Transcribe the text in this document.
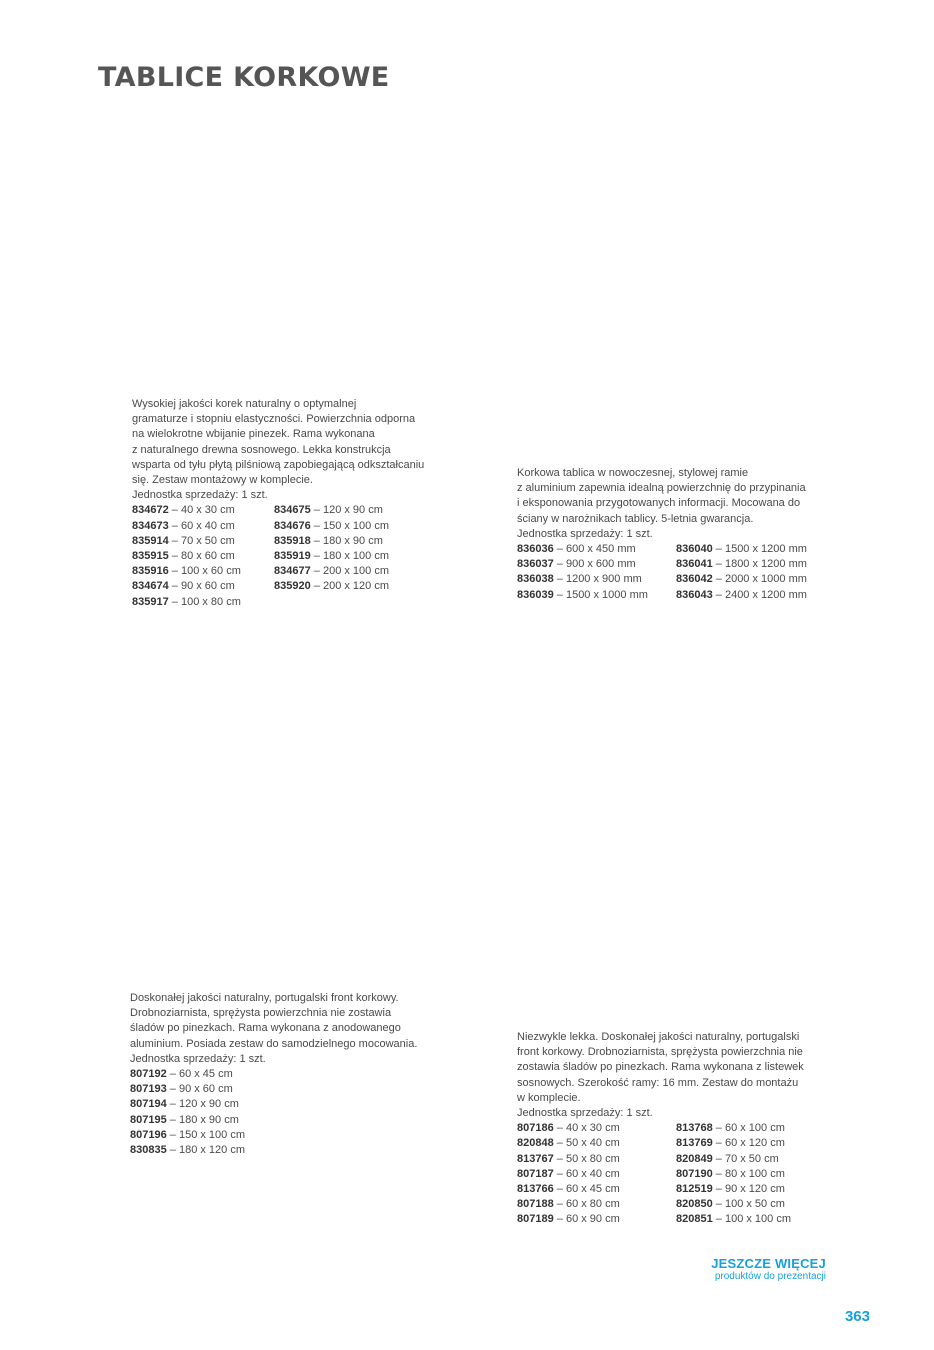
TABLICE KORKOWE
Wysokiej jakości korek naturalny o optymalnej
gramaturze i stopniu elastyczności. Powierzchnia odporna
na wielokrotne wbijanie pinezek. Rama wykonana
z naturalnego drewna sosnowego. Lekka konstrukcja
wsparta od tyłu płytą pilśniową zapobiegającą odkształcaniu
się. Zestaw montażowy w komplecie.
Jednostka sprzedaży: 1 szt.
834672 – 40 x 30 cm
834673 – 60 x 40 cm
835914 – 70 x 50 cm
835915 – 80 x 60 cm
835916 – 100 x 60 cm
834674 – 90 x 60 cm
835917 – 100 x 80 cm
834675 – 120 x 90 cm
834676 – 150 x 100 cm
835918 – 180 x 90 cm
835919 – 180 x 100 cm
834677 – 200 x 100 cm
835920 – 200 x 120 cm
Korkowa tablica w nowoczesnej, stylowej ramie
z aluminium zapewnia idealną powierzchnię do przypinania
i eksponowania przygotowanych informacji. Mocowana do
ściany w narożnikach tablicy. 5-letnia gwarancja.
Jednostka sprzedaży: 1 szt.
836036 – 600 x 450 mm
836037 – 900 x 600 mm
836038 – 1200 x 900 mm
836039 – 1500 x 1000 mm
836040 – 1500 x 1200 mm
836041 – 1800 x 1200 mm
836042 – 2000 x 1000 mm
836043 – 2400 x 1200 mm
Doskonałej jakości naturalny, portugalski front korkowy.
Drobnoziarnista, sprężysta powierzchnia nie zostawia
śladów po pinezkach. Rama wykonana z anodowanego
aluminium. Posiada zestaw do samodzielnego mocowania.
Jednostka sprzedaży: 1 szt.
807192 – 60 x 45 cm
807193 – 90 x 60 cm
807194 – 120 x 90 cm
807195 – 180 x 90 cm
807196 – 150 x 100 cm
830835 – 180 x 120 cm
Niezwykle lekka. Doskonałej jakości naturalny, portugalski
front korkowy. Drobnoziarnista, sprężysta powierzchnia nie
zostawia śladów po pinezkach. Rama wykonana z listewek
sosnowych. Szerokość ramy: 16 mm. Zestaw do montażu
w komplecie.
Jednostka sprzedaży: 1 szt.
807186 – 40 x 30 cm
820848 – 50 x 40 cm
813767 – 50 x 80 cm
807187 – 60 x 40 cm
813766 – 60 x 45 cm
807188 – 60 x 80 cm
807189 – 60 x 90 cm
813768 – 60 x 100 cm
813769 – 60 x 120 cm
820849 – 70 x 50 cm
807190 – 80 x 100 cm
812519 – 90 x 120 cm
820850 – 100 x 50 cm
820851 – 100 x 100 cm
JESZCZE WIĘCEJ
produktów do prezentacji
363
